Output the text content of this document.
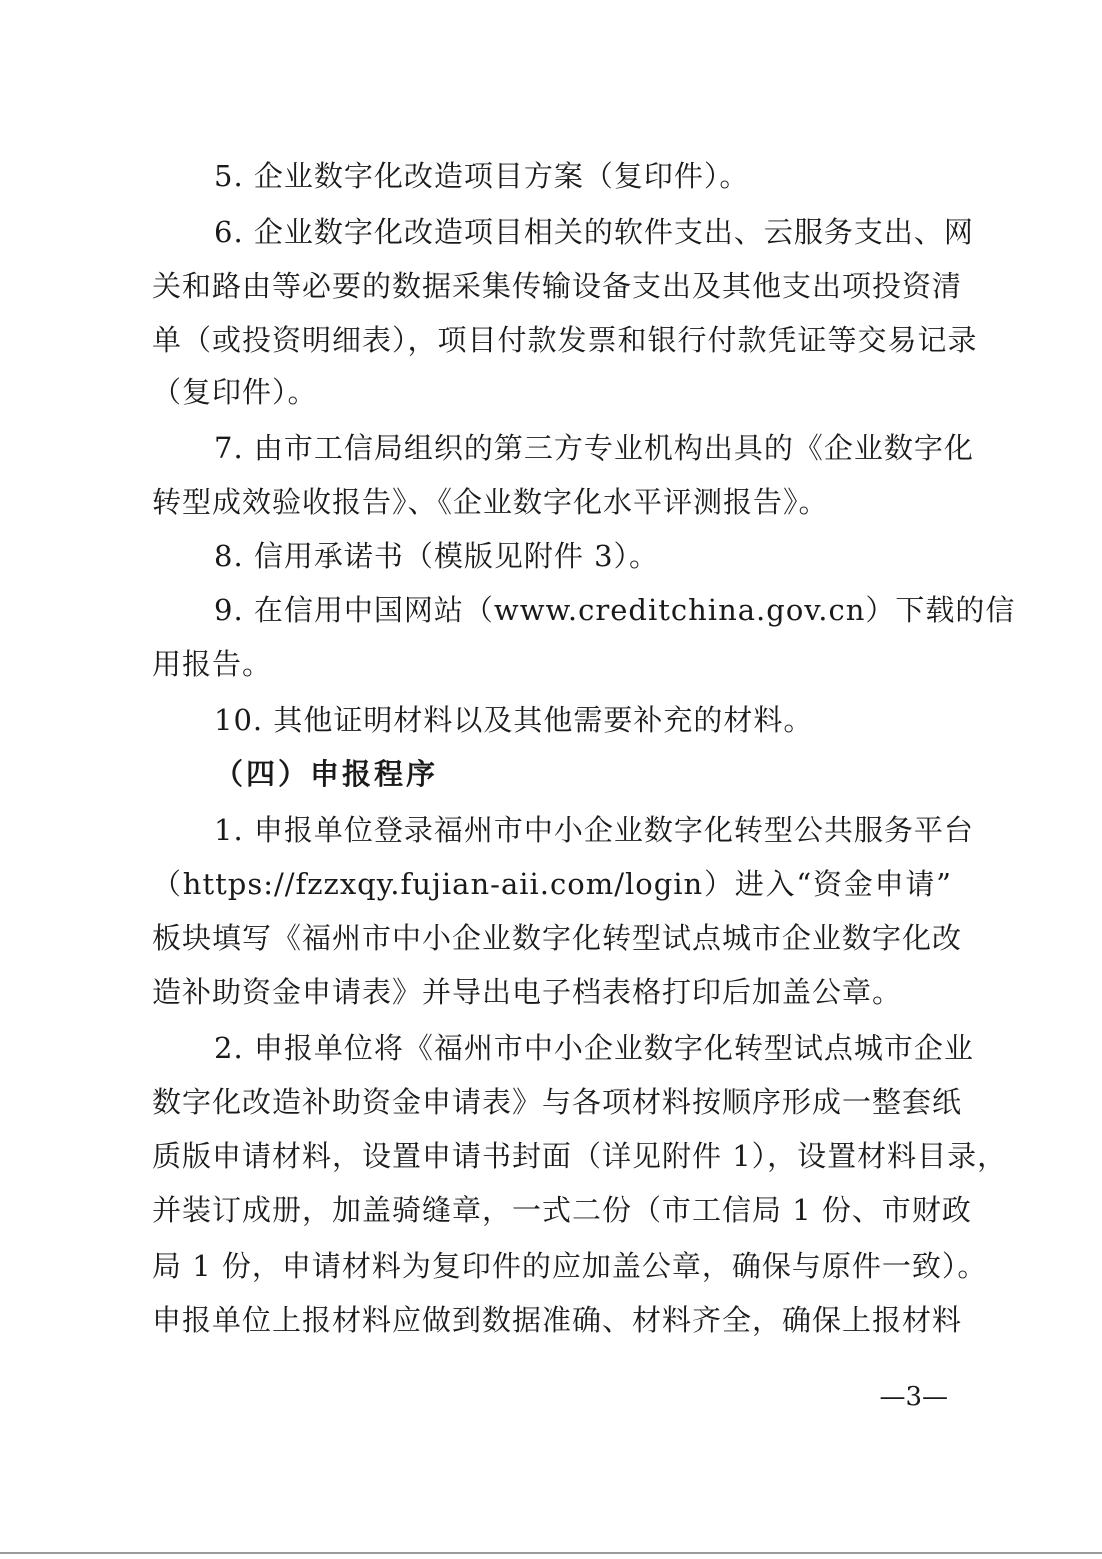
5. 企业数字化改造项目方案（复印件）。
6. 企业数字化改造项目相关的软件支出、云服务支出、网
关和路由等必要的数据采集传输设备支出及其他支出项投资清
单（或投资明细表），项目付款发票和银行付款凭证等交易记录
（复印件）。
7. 由市工信局组织的第三方专业机构出具的《企业数字化
转型成效验收报告》、《企业数字化水平评测报告》。
8. 信用承诺书（模版见附件 3）。
9. 在信用中国网站（www.creditchina.gov.cn）下载的信
用报告。
10. 其他证明材料以及其他需要补充的材料。
（四）申报程序
1. 申报单位登录福州市中小企业数字化转型公共服务平台
（https://fzzxqy.fujian-aii.com/login）进入“资金申请”
板块填写《福州市中小企业数字化转型试点城市企业数字化改
造补助资金申请表》并导出电子档表格打印后加盖公章。
2. 申报单位将《福州市中小企业数字化转型试点城市企业
数字化改造补助资金申请表》与各项材料按顺序形成一整套纸
质版申请材料，设置申请书封面（详见附件 1），设置材料目录，
并装订成册，加盖骑缝章，一式二份（市工信局 1 份、市财政
局 1 份，申请材料为复印件的应加盖公章，确保与原件一致）。
申报单位上报材料应做到数据准确、材料齐全，确保上报材料
—3—
